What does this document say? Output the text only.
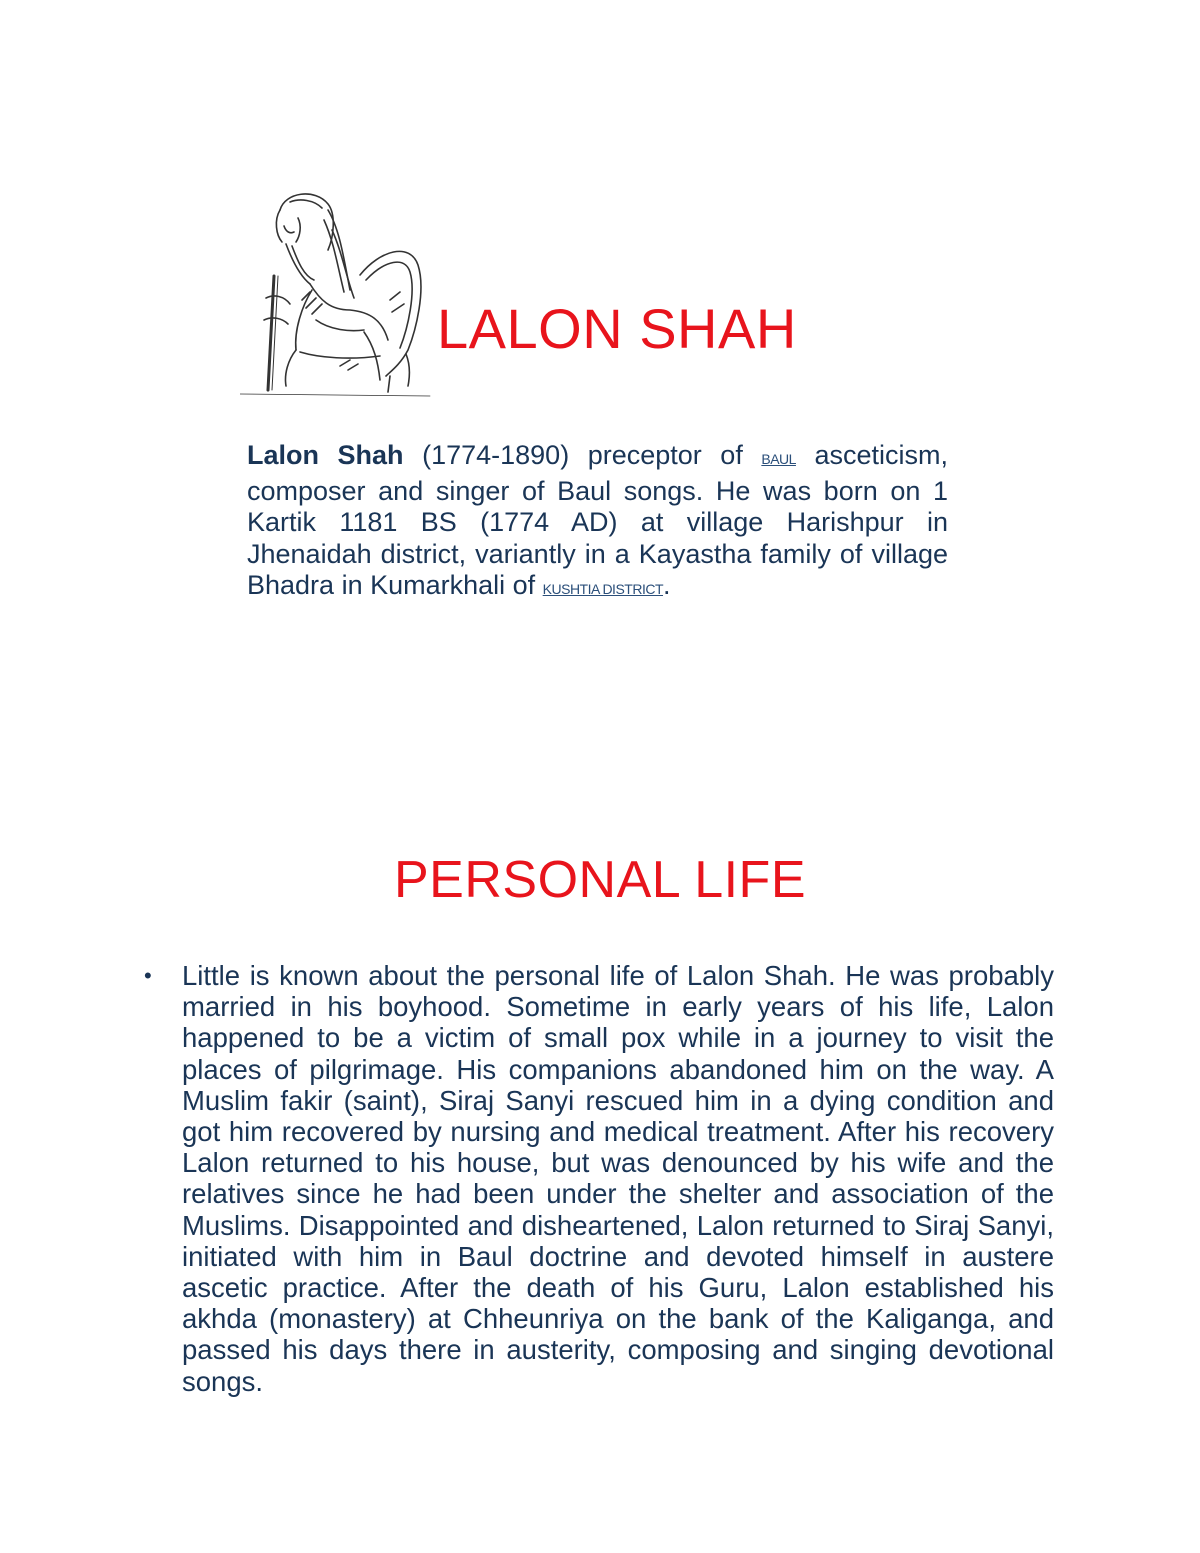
LALON SHAH

Lalon Shah (1774-1890) preceptor of BAUL asceticism, composer and singer of Baul songs. He was born on 1 Kartik 1181 BS (1774 AD) at village Harishpur in Jhenaidah district, variantly in a Kayastha family of village Bhadra in Kumarkhali of KUSHTIA DISTRICT.

PERSONAL LIFE
• Little is known about the personal life of Lalon Shah. He was probably married in his boyhood. Sometime in early years of his life, Lalon happened to be a victim of small pox while in a journey to visit the places of pilgrimage. His companions abandoned him on the way. A Muslim fakir (saint), Siraj Sanyi rescued him in a dying condition and got him recovered by nursing and medical treatment. After his recovery Lalon returned to his house, but was denounced by his wife and the relatives since he had been under the shelter and association of the Muslims. Disappointed and disheartened, Lalon returned to Siraj Sanyi, initiated with him in Baul doctrine and devoted himself in austere ascetic practice. After the death of his Guru, Lalon established his akhda (monastery) at Chheunriya on the bank of the Kaliganga, and passed his days there in austerity, composing and singing devotional songs.
